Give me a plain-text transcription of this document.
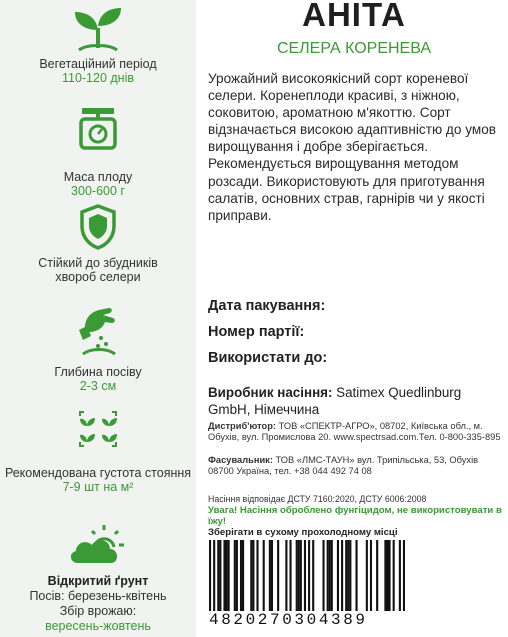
Вегетаційний період
110-120 днів
Маса плоду
300-600 г
Стійкий до збудників хвороб селери
Глибина посіву
2-3 см
Рекомендована густота стояння
7-9 шт на м²
Відкритий ґрунт
Посів: березень-квітень
Збір врожаю:
вересень-жовтень
АНІТА
СЕЛЕРА КОРЕНЕВА
Урожайний високоякісний сорт кореневої селери. Коренеплоди красиві, з ніжною, соковитою, ароматною м'якоттю. Сорт відзначається високою адаптивністю до умов вирощування і добре зберігається. Рекомендується вирощування методом розсади. Використовують для приготування салатів, основних страв, гарнірів чи у якості приправи.
Дата пакування:
Номер партії:
Використати до:
Виробник насіння: Satimex Quedlinburg GmbH, Німеччина
Дистриб'ютор: ТОВ «СПЕКТР-АГРО», 08702, Київська обл., м. Обухів, вул. Промислова 20. www.spectrsad.com.Тел. 0-800-335-895
Фасувальник: ТОВ «ЛМС-ТАУН» вул. Трипільська, 53, Обухів 08700 Україна, тел. +38 044 492 74 08
Насіння відповідає ДСТУ 7160:2020, ДСТУ 6006:2008
Увага! Насіння оброблено фунгіцидом, не використовувати в їжу!
Зберігати в сухому прохолодному місці
4820270304389
